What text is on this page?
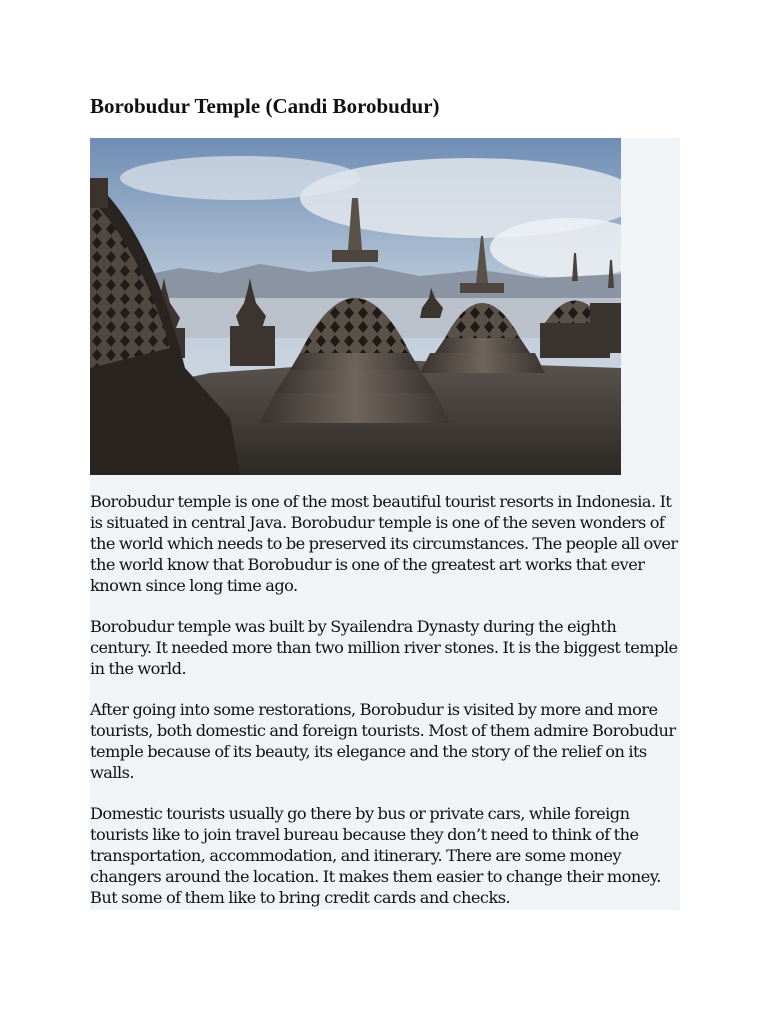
Borobudur Temple (Candi Borobudur)

Borobudur temple is one of the most beautiful tourist resorts in Indonesia. It is situated in central Java. Borobudur temple is one of the seven wonders of the world which needs to be preserved its circumstances. The people all over the world know that Borobudur is one of the greatest art works that ever known since long time ago.

Borobudur temple was built by Syailendra Dynasty during the eighth century. It needed more than two million river stones. It is the biggest temple in the world.

After going into some restorations, Borobudur is visited by more and more tourists, both domestic and foreign tourists. Most of them admire Borobudur temple because of its beauty, its elegance and the story of the relief on its walls.

Domestic tourists usually go there by bus or private cars, while foreign tourists like to join travel bureau because they don’t need to think of the transportation, accommodation, and itinerary. There are some money changers around the location. It makes them easier to change their money. But some of them like to bring credit cards and checks.
